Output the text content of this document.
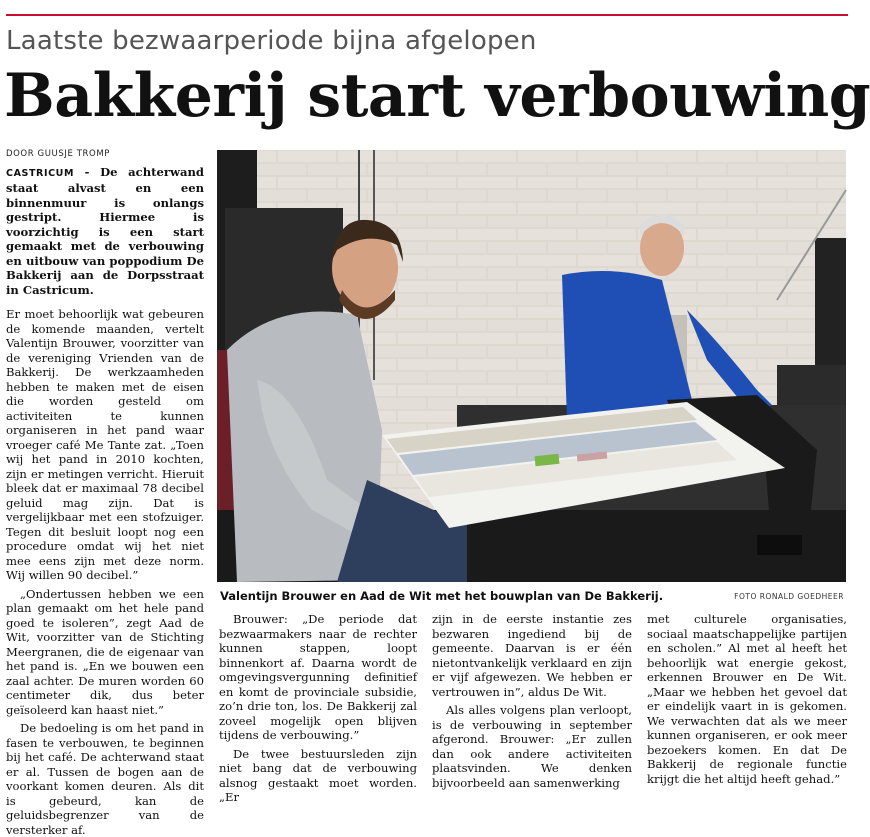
Laatste bezwaarperiode bijna afgelopen
Bakkerij start verbouwing

DOOR GUUSJE TROMP

CASTRICUM - De achterwand staat alvast en een binnenmuur is onlangs gestript. Hiermee is voorzichtig is een start gemaakt met de verbouwing en uitbouw van poppodium De Bakkerij aan de Dorpsstraat in Castricum.

Er moet behoorlijk wat gebeuren de komende maanden, vertelt Valentijn Brouwer, voorzitter van de vereniging Vrienden van de Bakkerij. De werkzaamheden hebben te maken met de eisen die worden gesteld om activiteiten te kunnen organiseren in het pand waar vroeger café Me Tante zat. „Toen wij het pand in 2010 kochten, zijn er metingen verricht. Hieruit bleek dat er maximaal 78 decibel geluid mag zijn. Dat is vergelijkbaar met een stofzuiger. Tegen dit besluit loopt nog een procedure omdat wij het niet mee eens zijn met deze norm. Wij willen 90 decibel.”

„Ondertussen hebben we een plan gemaakt om het hele pand goed te isoleren”, zegt Aad de Wit, voorzitter van de Stichting Meergranen, die de eigenaar van het pand is. „En we bouwen een zaal achter. De muren worden 60 centimeter dik, dus beter geïsoleerd kan haast niet.”

De bedoeling is om het pand in fasen te verbouwen, te beginnen bij het café. De achterwand staat er al. Tussen de bogen aan de voorkant komen deuren. Als dit is gebeurd, kan de geluidsbegrenzer van de versterker af.

Valentijn Brouwer en Aad de Wit met het bouwplan van De Bakkerij.	FOTO RONALD GOEDHEER

Brouwer: „De periode dat bezwaarmakers naar de rechter kunnen stappen, loopt binnenkort af. Daarna wordt de omgevingsvergunning definitief en komt de provinciale subsidie, zo’n drie ton, los. De Bakkerij zal zoveel mogelijk open blijven tijdens de verbouwing.”

De twee bestuursleden zijn niet bang dat de verbouwing alsnog gestaakt moet worden. „Er

zijn in de eerste instantie zes bezwaren ingediend bij de gemeente. Daarvan is er één nietontvankelijk verklaard en zijn er vijf afgewezen. We hebben er vertrouwen in”, aldus De Wit.

Als alles volgens plan verloopt, is de verbouwing in september afgerond. Brouwer: „Er zullen dan ook andere activiteiten plaatsvinden. We denken bijvoorbeeld aan samenwerking

met culturele organisaties, sociaal maatschappelijke partijen en scholen.” Al met al heeft het behoorlijk wat energie gekost, erkennen Brouwer en De Wit. „Maar we hebben het gevoel dat er eindelijk vaart in is gekomen. We verwachten dat als we meer kunnen organiseren, er ook meer bezoekers komen. En dat De Bakkerij de regionale functie krijgt die het altijd heeft gehad.”
